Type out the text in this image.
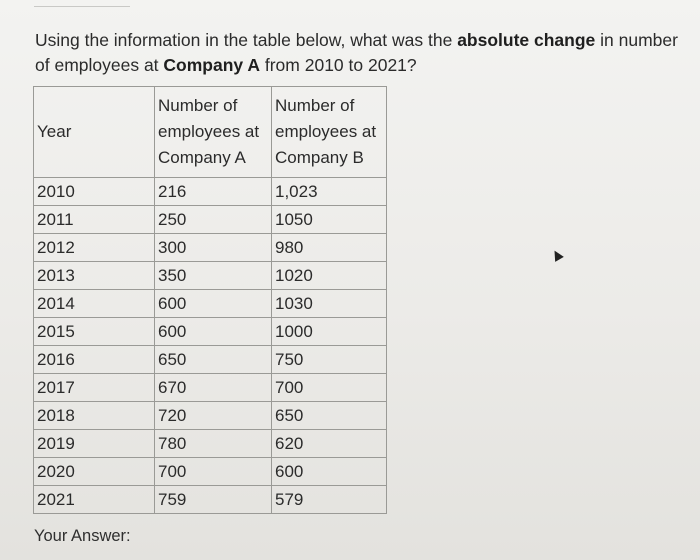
Using the information in the table below, what was the absolute change in number of employees at Company A from 2010 to 2021?
Year	Number of employees at Company A	Number of employees at Company B
2010	216	1,023
2011	250	1050
2012	300	980
2013	350	1020
2014	600	1030
2015	600	1000
2016	650	750
2017	670	700
2018	720	650
2019	780	620
2020	700	600
2021	759	579
Your Answer:
